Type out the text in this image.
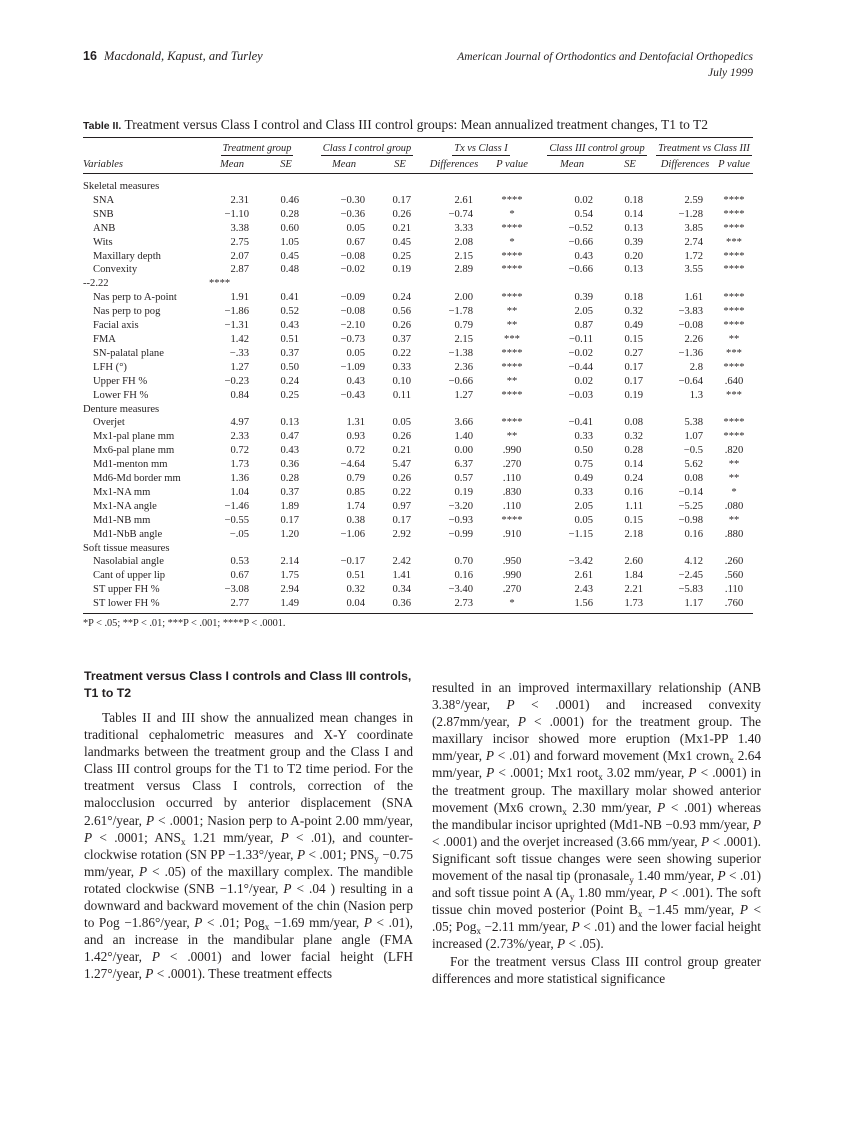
16 Macdonald, Kapust, and Turley	American Journal of Orthodontics and Dentofacial Orthopedics
July 1999
Table II. Treatment versus Class I control and Class III control groups: Mean annualized treatment changes, T1 to T2

	Treatment group		Class I control group		Tx vs Class I		Class III control group		Treatment vs Class III	
Variables	Mean	SE	Mean	SE	Differences	P value	Mean	SE	Differences	P value
Skeletal measures										
SNA	2.31	0.46	−0.30	0.17	2.61	****	0.02	0.18	2.59	****
SNB	−1.10	0.28	−0.36	0.26	−0.74	*	0.54	0.14	−1.28	****
ANB	3.38	0.60	0.05	0.21	3.33	****	−0.52	0.13	3.85	****
Wits	2.75	1.05	0.67	0.45	2.08	*	−0.66	0.39	2.74	***
Maxillary depth	2.07	0.45	−0.08	0.25	2.15	****	0.43	0.20	1.72	****
Convexity	2.87	0.48	−0.02	0.19	2.89	****	−0.66	0.13	3.55	****
--2.22	****									
Nas perp to A-point	1.91	0.41	−0.09	0.24	2.00	****	0.39	0.18	1.61	****
Nas perp to pog	−1.86	0.52	−0.08	0.56	−1.78	**	2.05	0.32	−3.83	****
Facial axis	−1.31	0.43	−2.10	0.26	0.79	**	0.87	0.49	−0.08	****
FMA	1.42	0.51	−0.73	0.37	2.15	***	−0.11	0.15	2.26	**
SN-palatal plane	−.33	0.37	0.05	0.22	−1.38	****	−0.02	0.27	−1.36	***
LFH (°)	1.27	0.50	−1.09	0.33	2.36	****	−0.44	0.17	2.8	****
Upper FH %	−0.23	0.24	0.43	0.10	−0.66	**	0.02	0.17	−0.64	.640
Lower FH %	0.84	0.25	−0.43	0.11	1.27	****	−0.03	0.19	1.3	***
Denture measures										
Overjet	4.97	0.13	1.31	0.05	3.66	****	−0.41	0.08	5.38	****
Mx1-pal plane mm	2.33	0.47	0.93	0.26	1.40	**	0.33	0.32	1.07	****
Mx6-pal plane mm	0.72	0.43	0.72	0.21	0.00	.990	0.50	0.28	−0.5	.820
Md1-menton mm	1.73	0.36	−4.64	5.47	6.37	.270	0.75	0.14	5.62	**
Md6-Md border mm	1.36	0.28	0.79	0.26	0.57	.110	0.49	0.24	0.08	**
Mx1-NA mm	1.04	0.37	0.85	0.22	0.19	.830	0.33	0.16	−0.14	*
Mx1-NA angle	−1.46	1.89	1.74	0.97	−3.20	.110	2.05	1.11	−5.25	.080
Md1-NB mm	−0.55	0.17	0.38	0.17	−0.93	****	0.05	0.15	−0.98	**
Md1-NbB angle	−.05	1.20	−1.06	2.92	−0.99	.910	−1.15	2.18	0.16	.880
Soft tissue measures										
Nasolabial angle	0.53	2.14	−0.17	2.42	0.70	.950	−3.42	2.60	4.12	.260
Cant of upper lip	0.67	1.75	0.51	1.41	0.16	.990	2.61	1.84	−2.45	.560
ST upper FH %	−3.08	2.94	0.32	0.34	−3.40	.270	2.43	2.21	−5.83	.110
ST lower FH %	2.77	1.49	0.04	0.36	2.73	*	1.56	1.73	1.17	.760
*P < .05; **P < .01; ***P < .001; ****P < .0001.
Treatment versus Class I controls and Class III controls, T1 to T2

Tables II and III show the annualized mean changes in traditional cephalometric measures and X-Y coordinate landmarks between the treatment group and the Class I and Class III control groups for the T1 to T2 time period. For the treatment versus Class I controls, correction of the malocclusion occurred by anterior displacement (SNA 2.61°/year, P < .0001; Nasion perp to A-point 2.00 mm/year, P < .0001; $ANS_x$ 1.21 mm/year, P < .01), and counter-clockwise rotation (SN PP −1.33°/year, P < .001; $PNS_y -0.75$ mm/year, P < .05) of the maxillary complex. The mandible rotated clockwise (SNB −1.1°/year, P < .04 ) resulting in a downward and backward movement of the chin (Nasion perp to Pog −1.86°/year, P < .01; Pog$_x$ −1.69 mm/year, P < .01), and an increase in the mandibular plane angle (FMA 1.42°/year, P < .0001) and lower facial height (LFH 1.27°/year, P < .0001). These treatment effects

resulted in an improved intermaxillary relationship (ANB 3.38°/year, P < .0001) and increased convexity (2.87mm/year, P < .0001) for the treatment group. The maxillary incisor showed more eruption (Mx1-PP 1.40 mm/year, P < .01) and forward movement (Mx1 crown$_x$ 2.64 mm/year, P < .0001; Mx1 root$_x$ 3.02 mm/year, P < .0001) in the treatment group. The maxillary molar showed anterior movement (Mx6 crown$_x$ 2.30 mm/year, P < .001) whereas the mandibular incisor uprighted (Md1-NB −0.93 mm/year, P < .0001) and the overjet increased (3.66 mm/year, P < .0001). Significant soft tissue changes were seen showing superior movement of the nasal tip (pronasale$_y$ 1.40 mm/year, P < .01) and soft tissue point A ($A_y$ 1.80 mm/year, P < .001). The soft tissue chin moved posterior (Point $B_x -1.45$ mm/year, P < .05; Pog$_x$ −2.11 mm/year, P < .01) and the lower facial height increased (2.73%/year, P < .05).

For the treatment versus Class III control group greater differences and more statistical significance
